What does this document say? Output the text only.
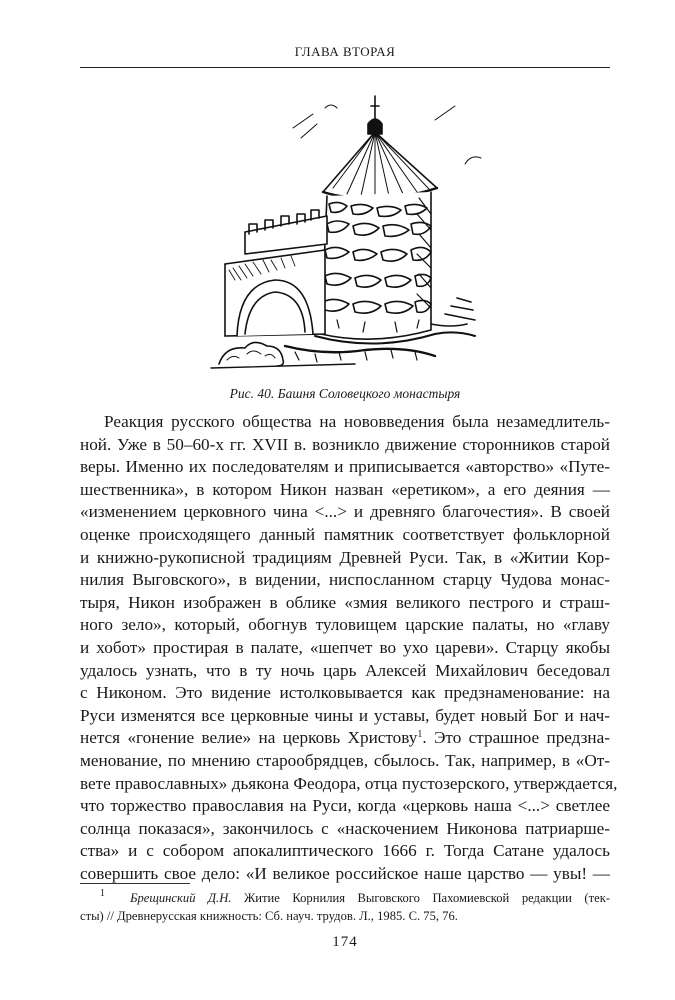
ГЛАВА ВТОРАЯ
Рис. 40. Башня Соловецкого монастыря
Реакция русского общества на нововведения была незамедлитель-
ной. Уже в 50–60-х гг. XVII в. возникло движение сторонников старой
веры. Именно их последователям и приписывается «авторство» «Путе-
шественника», в котором Никон назван «еретиком», а его деяния —
«изменением церковного чина <...> и древняго благочестия». В своей
оценке происходящего данный памятник соответствует фольклорной
и книжно-рукописной традициям Древней Руси. Так, в «Житии Кор-
нилия Выговского», в видении, ниспосланном старцу Чудова монас-
тыря, Никон изображен в облике «змия великого пестрого и страш-
ного зело», который, обогнув туловищем царские палаты, но «главу
и хобот» простирая в палате, «шепчет во ухо цареви». Старцу якобы
удалось узнать, что в ту ночь царь Алексей Михайлович беседовал
с Никоном. Это видение истолковывается как предзнаменование: на
Руси изменятся все церковные чины и уставы, будет новый Бог и нач-
нется «гонение велие» на церковь Христову$^1$. Это страшное предзна-
менование, по мнению старообрядцев, сбылось. Так, например, в «От-
вете православных» дьякона Феодора, отца пустозерского, утверждается,
что торжество православия на Руси, когда «церковь наша <...> светлее
солнца показася», закончилось с «наскочением Никонова патриарше-
ства» и с собором апокалиптического 1666 г. Тогда Сатане удалось
совершить свое дело: «И великое российское наше царство — увы! —
$^1$ Брещинский Д.Н. Житие Корнилия Выговского Пахомиевской редакции (тек-
сты) // Древнерусская книжность: Сб. науч. трудов. Л., 1985. С. 75, 76.
174
